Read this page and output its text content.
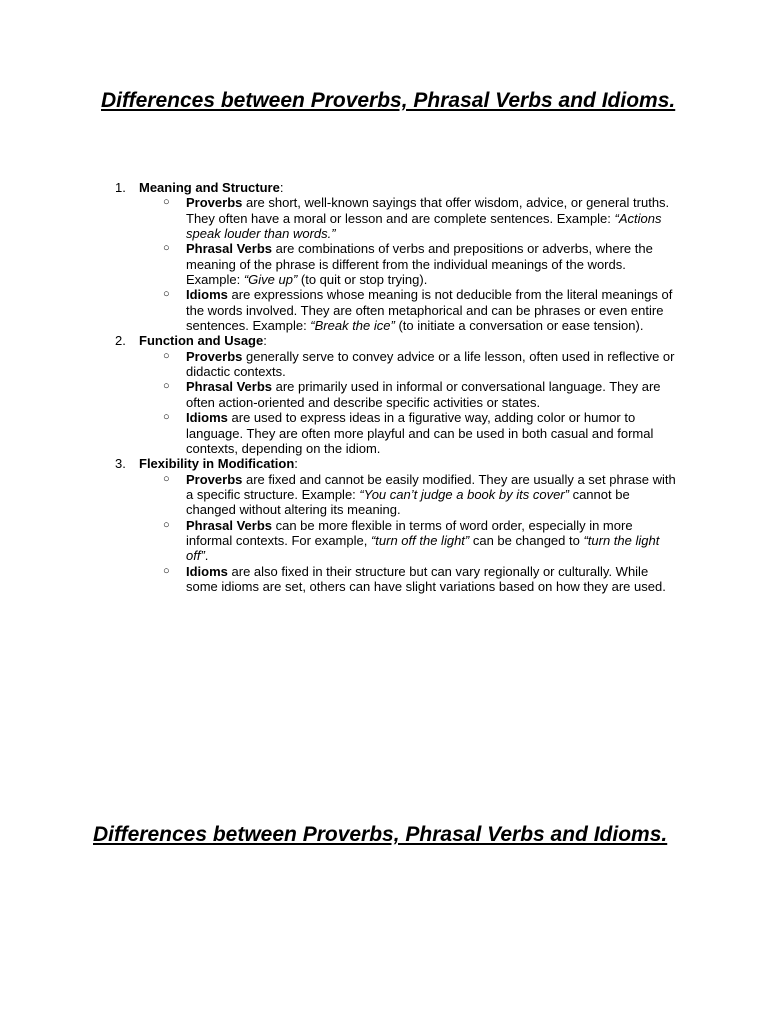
Differences between Proverbs, Phrasal Verbs and Idioms.
1. Meaning and Structure:
○ Proverbs are short, well-known sayings that offer wisdom, advice, or general truths. They often have a moral or lesson and are complete sentences. Example: “Actions speak louder than words.”
○ Phrasal Verbs are combinations of verbs and prepositions or adverbs, where the meaning of the phrase is different from the individual meanings of the words. Example: “Give up” (to quit or stop trying).
○ Idioms are expressions whose meaning is not deducible from the literal meanings of the words involved. They are often metaphorical and can be phrases or even entire sentences. Example: “Break the ice” (to initiate a conversation or ease tension).
2. Function and Usage:
○ Proverbs generally serve to convey advice or a life lesson, often used in reflective or didactic contexts.
○ Phrasal Verbs are primarily used in informal or conversational language. They are often action-oriented and describe specific activities or states.
○ Idioms are used to express ideas in a figurative way, adding color or humor to language. They are often more playful and can be used in both casual and formal contexts, depending on the idiom.
3. Flexibility in Modification:
○ Proverbs are fixed and cannot be easily modified. They are usually a set phrase with a specific structure. Example: “You can’t judge a book by its cover” cannot be changed without altering its meaning.
○ Phrasal Verbs can be more flexible in terms of word order, especially in more informal contexts. For example, “turn off the light” can be changed to “turn the light off”.
○ Idioms are also fixed in their structure but can vary regionally or culturally. While some idioms are set, others can have slight variations based on how they are used.
Differences between Proverbs, Phrasal Verbs and Idioms.
